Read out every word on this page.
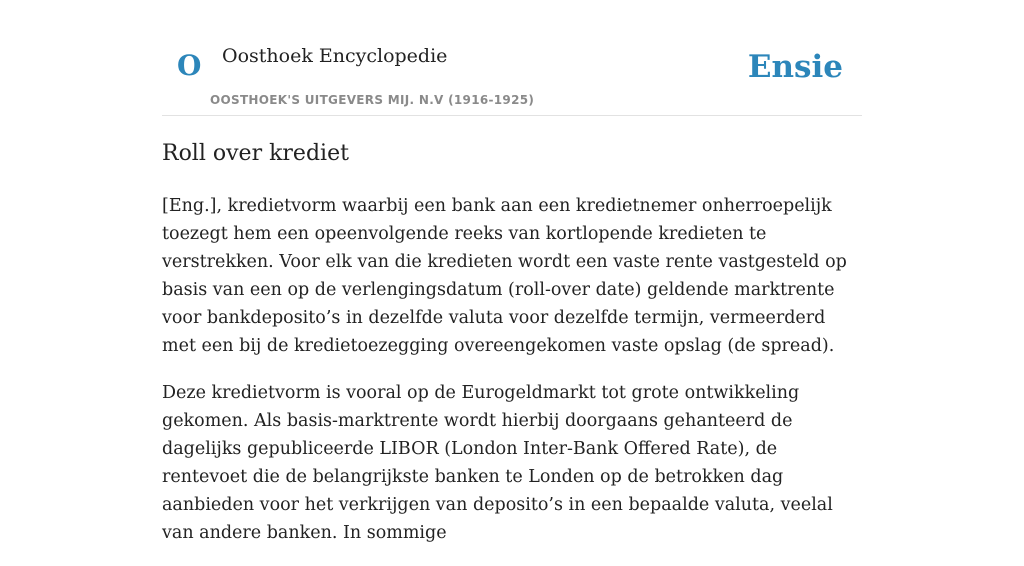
O Oosthoek Encyclopedie
OOSTHOEK'S UITGEVERS MIJ. N.V (1916-1925)
Ensie
Roll over krediet

[Eng.], kredietvorm waarbij een bank aan een kredietnemer onherroepelijk toezegt hem een opeenvolgende reeks van kortlopende kredieten te verstrekken. Voor elk van die kredieten wordt een vaste rente vastgesteld op basis van een op de verlengingsdatum (roll-over date) geldende marktrente voor bankdeposito’s in dezelfde valuta voor dezelfde termijn, vermeerderd met een bij de kredietoezegging overeengekomen vaste opslag (de spread).

Deze kredietvorm is vooral op de Eurogeldmarkt tot grote ontwikkeling gekomen. Als basis-marktrente wordt hierbij doorgaans gehanteerd de dagelijks gepubliceerde LIBOR (London Inter-Bank Offered Rate), de rentevoet die de belangrijkste banken te Londen op de betrokken dag aanbieden voor het verkrijgen van deposito’s in een bepaalde valuta, veelal van andere banken. In sommige
